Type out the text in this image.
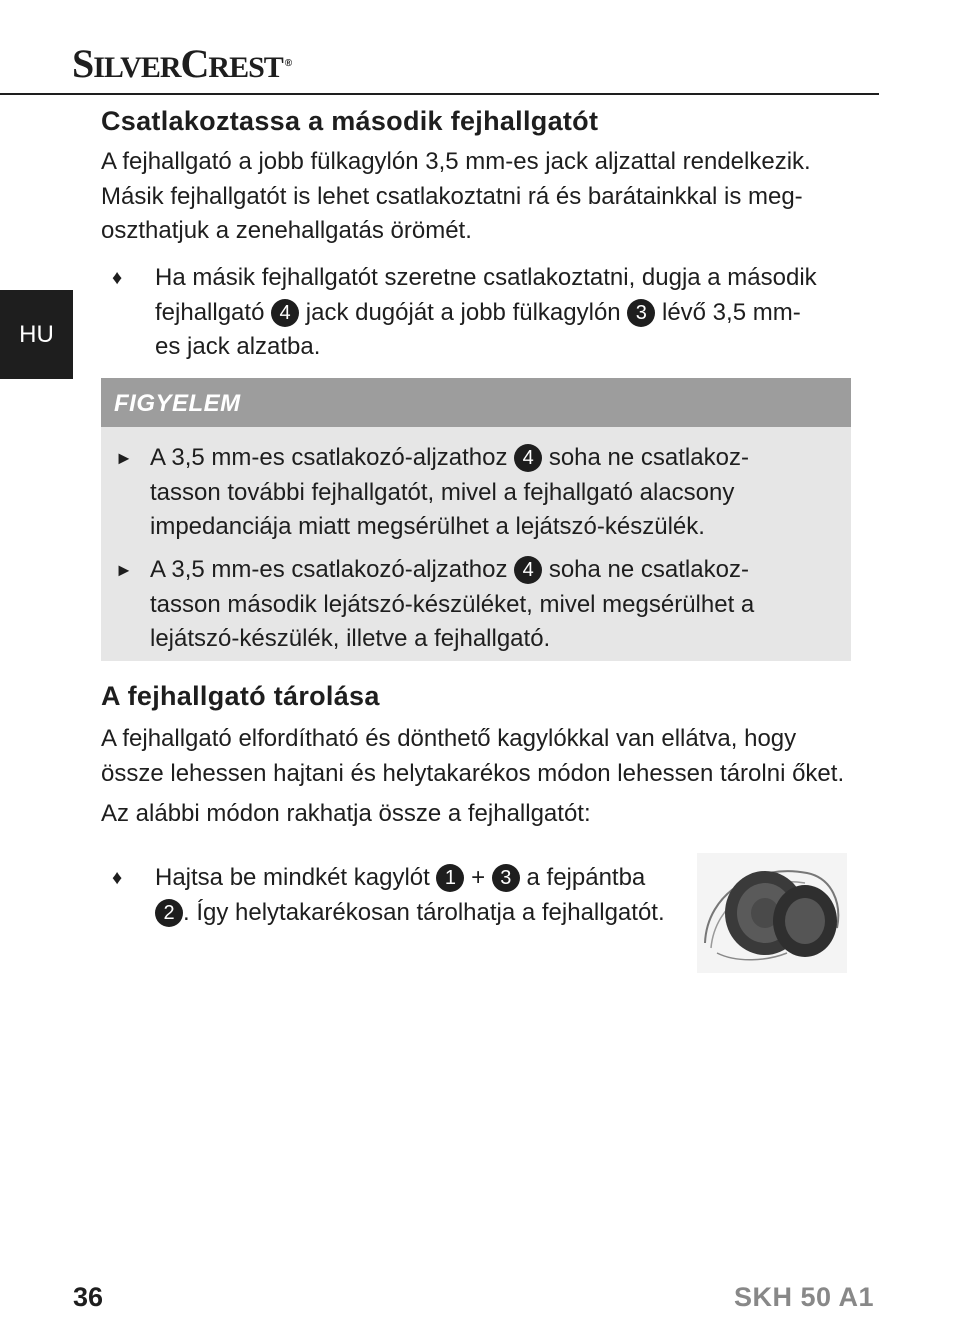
SILVERCREST ®
HU
Csatlakoztassa a második fejhallgatót
A fejhallgató a jobb fülkagylón 3,5 mm-es jack aljzattal rendelkezik.
Másik fejhallgatót is lehet csatlakoztatni rá és barátainkkal is meg-
oszthatjuk a zenehallgatás örömét.
♦	Ha másik fejhallgatót szeretne csatlakoztatni, dugja a második
fejhallgató 4 jack dugóját a jobb fülkagylón 3 lévő 3,5 mm-
es jack alzatba.
FIGYELEM
► A 3,5 mm-es csatlakozó-aljzathoz 4 soha ne csatlakoz-
tasson további fejhallgatót, mivel a fejhallgató alacsony
impedanciája miatt megsérülhet a lejátszó-készülék.
► A 3,5 mm-es csatlakozó-aljzathoz 4 soha ne csatlakoz-
tasson második lejátszó-készüléket, mivel megsérülhet a
lejátszó-készülék, illetve a fejhallgató.
A fejhallgató tárolása
A fejhallgató elfordítható és dönthető kagylókkal van ellátva, hogy
össze lehessen hajtani és helytakarékos módon lehessen tárolni őket.
Az alábbi módon rakhatja össze a fejhallgatót:
♦	Hajtsa be mindkét kagylót 1 + 3 a fejpántba
2 . Így helytakarékosan tárolhatja a fejhallgatót.
36	SKH 50 A1
